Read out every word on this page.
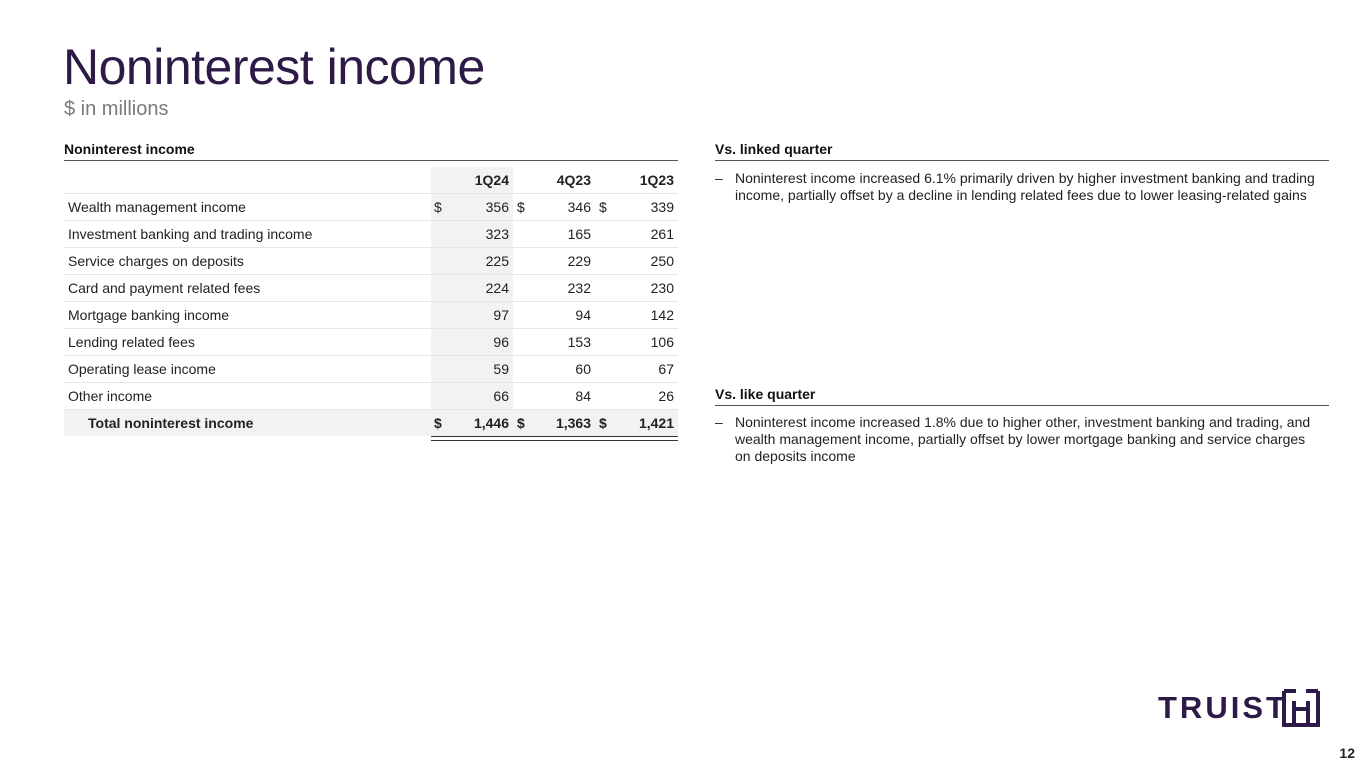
Noninterest income
$ in millions
Noninterest income
1Q24	4Q23	1Q23
Wealth management income	$	356 $	346 $	339
Investment banking and trading income	323	165	261
Service charges on deposits	225	229	250
Card and payment related fees	224	232	230
Mortgage banking income	97	94	142
Lending related fees	96	153	106
Operating lease income	59	60	67
Other income	66	84	26
Total noninterest income	$	1,446 $	1,363 $	1,421
Vs. linked quarter
– Noninterest income increased 6.1% primarily driven by higher investment banking and trading income, partially offset by a decline in lending related fees due to lower leasing-related gains
Vs. like quarter
– Noninterest income increased 1.8% due to higher other, investment banking and trading, and wealth management income, partially offset by lower mortgage banking and service charges on deposits income
TRUIST
12
